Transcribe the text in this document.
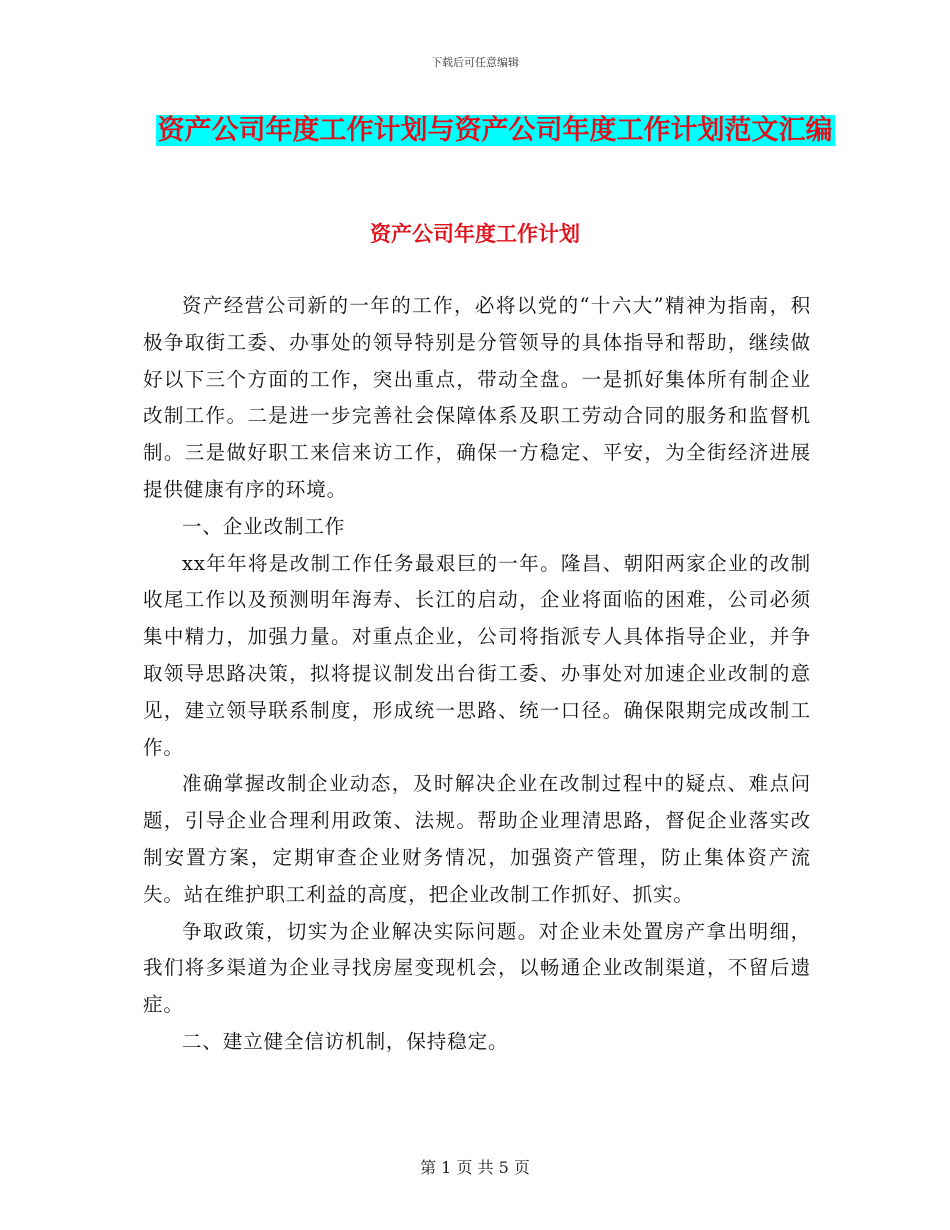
下载后可任意编辑
资产公司年度工作计划与资产公司年度工作计划范文汇编
资产公司年度工作计划

资产经营公司新的一年的工作，必将以党的“十六大”精神为指南，积极争取街工委、办事处的领导特别是分管领导的具体指导和帮助，继续做好以下三个方面的工作，突出重点，带动全盘。一是抓好集体所有制企业改制工作。二是进一步完善社会保障体系及职工劳动合同的服务和监督机制。三是做好职工来信来访工作，确保一方稳定、平安，为全街经济进展提供健康有序的环境。

一、企业改制工作

xx年年将是改制工作任务最艰巨的一年。隆昌、朝阳两家企业的改制收尾工作以及预测明年海寿、长江的启动，企业将面临的困难，公司必须集中精力，加强力量。对重点企业，公司将指派专人具体指导企业，并争取领导思路决策，拟将提议制发出台街工委、办事处对加速企业改制的意见，建立领导联系制度，形成统一思路、统一口径。确保限期完成改制工作。

准确掌握改制企业动态，及时解决企业在改制过程中的疑点、难点问题，引导企业合理利用政策、法规。帮助企业理清思路，督促企业落实改制安置方案，定期审查企业财务情况，加强资产管理，防止集体资产流失。站在维护职工利益的高度，把企业改制工作抓好、抓实。

争取政策，切实为企业解决实际问题。对企业未处置房产拿出明细，我们将多渠道为企业寻找房屋变现机会，以畅通企业改制渠道，不留后遗症。

二、建立健全信访机制，保持稳定。

第 1 页 共 5 页
